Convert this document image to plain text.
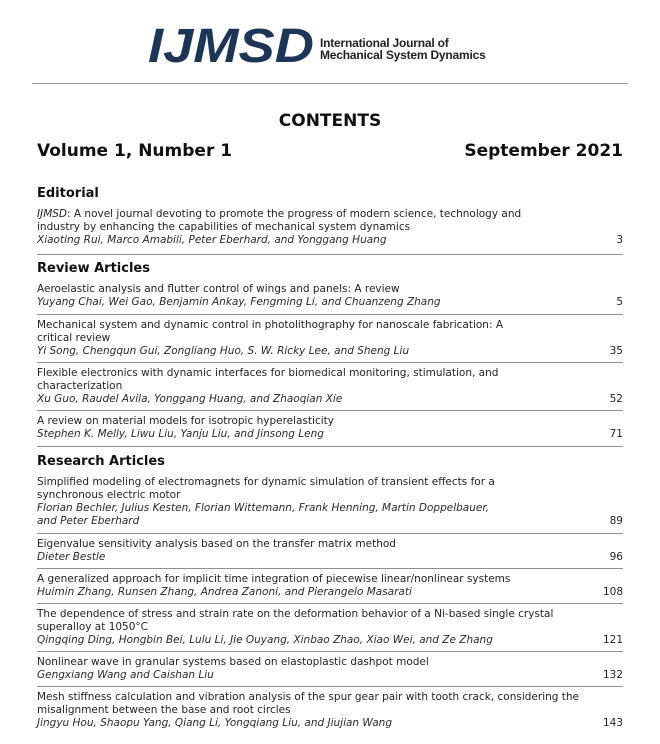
IJMSD International Journal of
Mechanical System Dynamics
CONTENTS
Volume 1, Number 1	September 2021
Editorial
IJMSD: A novel journal devoting to promote the progress of modern science, technology and industry by enhancing the capabilities of mechanical system dynamics
Xiaoting Rui, Marco Amabili, Peter Eberhard, and Yonggang Huang	3
Review Articles
Aeroelastic analysis and flutter control of wings and panels: A review
Yuyang Chai, Wei Gao, Benjamin Ankay, Fengming Li, and Chuanzeng Zhang	5
Mechanical system and dynamic control in photolithography for nanoscale fabrication: A critical review
Yi Song, Chengqun Gui, Zongliang Huo, S. W. Ricky Lee, and Sheng Liu	35
Flexible electronics with dynamic interfaces for biomedical monitoring, stimulation, and characterization
Xu Guo, Raudel Avila, Yonggang Huang, and Zhaoqian Xie	52
A review on material models for isotropic hyperelasticity
Stephen K. Melly, Liwu Liu, Yanju Liu, and Jinsong Leng	71
Research Articles
Simplified modeling of electromagnets for dynamic simulation of transient effects for a synchronous electric motor
Florian Bechler, Julius Kesten, Florian Wittemann, Frank Henning, Martin Doppelbauer,
and Peter Eberhard	89
Eigenvalue sensitivity analysis based on the transfer matrix method
Dieter Bestle	96
A generalized approach for implicit time integration of piecewise linear/nonlinear systems
Huimin Zhang, Runsen Zhang, Andrea Zanoni, and Pierangelo Masarati	108
The dependence of stress and strain rate on the deformation behavior of a Ni-based single crystal superalloy at 1050°C
Qingqing Ding, Hongbin Bei, Lulu Li, Jie Ouyang, Xinbao Zhao, Xiao Wei, and Ze Zhang	121
Nonlinear wave in granular systems based on elastoplastic dashpot model
Gengxiang Wang and Caishan Liu	132
Mesh stiffness calculation and vibration analysis of the spur gear pair with tooth crack, considering the misalignment between the base and root circles
Jingyu Hou, Shaopu Yang, Qiang Li, Yongqiang Liu, and Jiujian Wang	143
